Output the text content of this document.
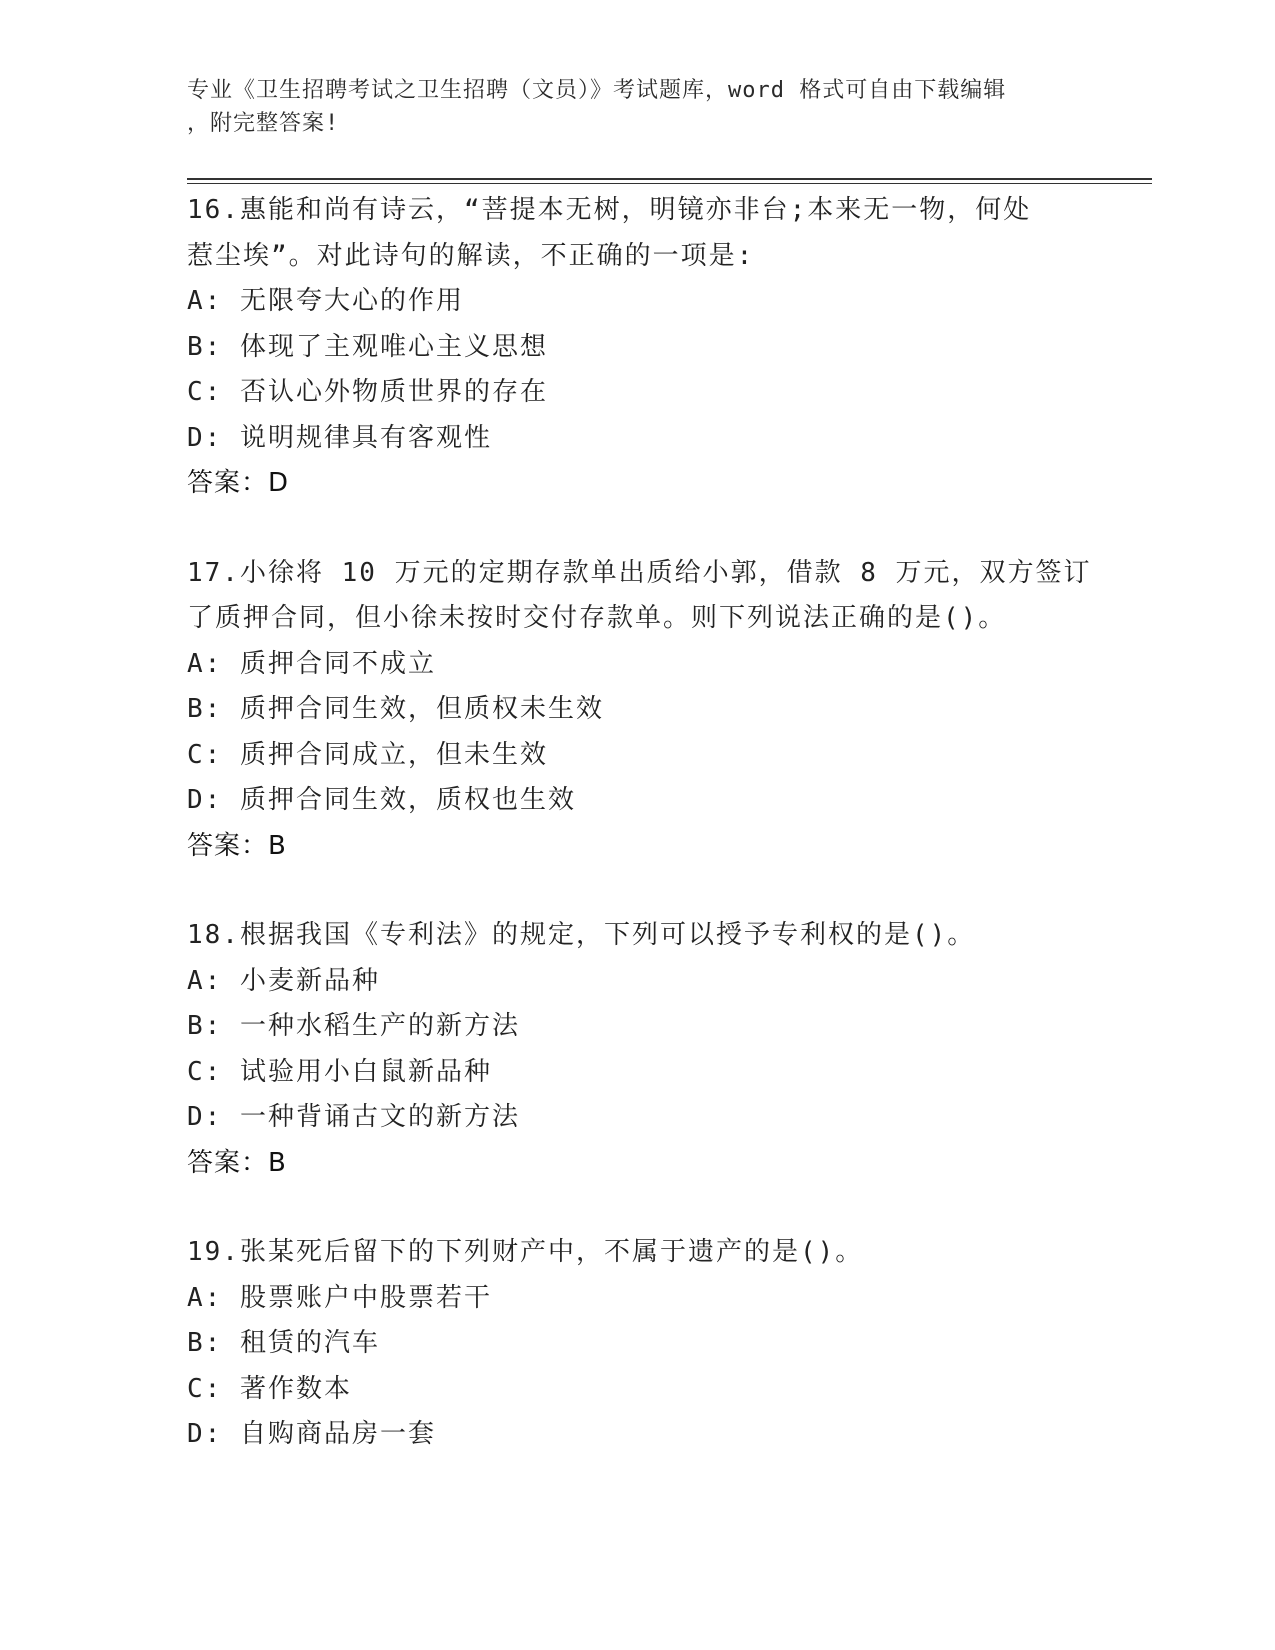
专业《卫生招聘考试之卫生招聘（文员）》考试题库，word 格式可自由下载编辑
，附完整答案!
16.惠能和尚有诗云，“菩提本无树，明镜亦非台;本来无一物，何处
惹尘埃”。对此诗句的解读，不正确的一项是:
A: 无限夸大心的作用
B: 体现了主观唯心主义思想
C: 否认心外物质世界的存在
D: 说明规律具有客观性
答案：D
17.小徐将 10 万元的定期存款单出质给小郭，借款 8 万元，双方签订
了质押合同，但小徐未按时交付存款单。则下列说法正确的是()。
A: 质押合同不成立
B: 质押合同生效，但质权未生效
C: 质押合同成立，但未生效
D: 质押合同生效，质权也生效
答案：B
18.根据我国《专利法》的规定，下列可以授予专利权的是()。
A: 小麦新品种
B: 一种水稻生产的新方法
C: 试验用小白鼠新品种
D: 一种背诵古文的新方法
答案：B
19.张某死后留下的下列财产中，不属于遗产的是()。
A: 股票账户中股票若干
B: 租赁的汽车
C: 著作数本
D: 自购商品房一套
